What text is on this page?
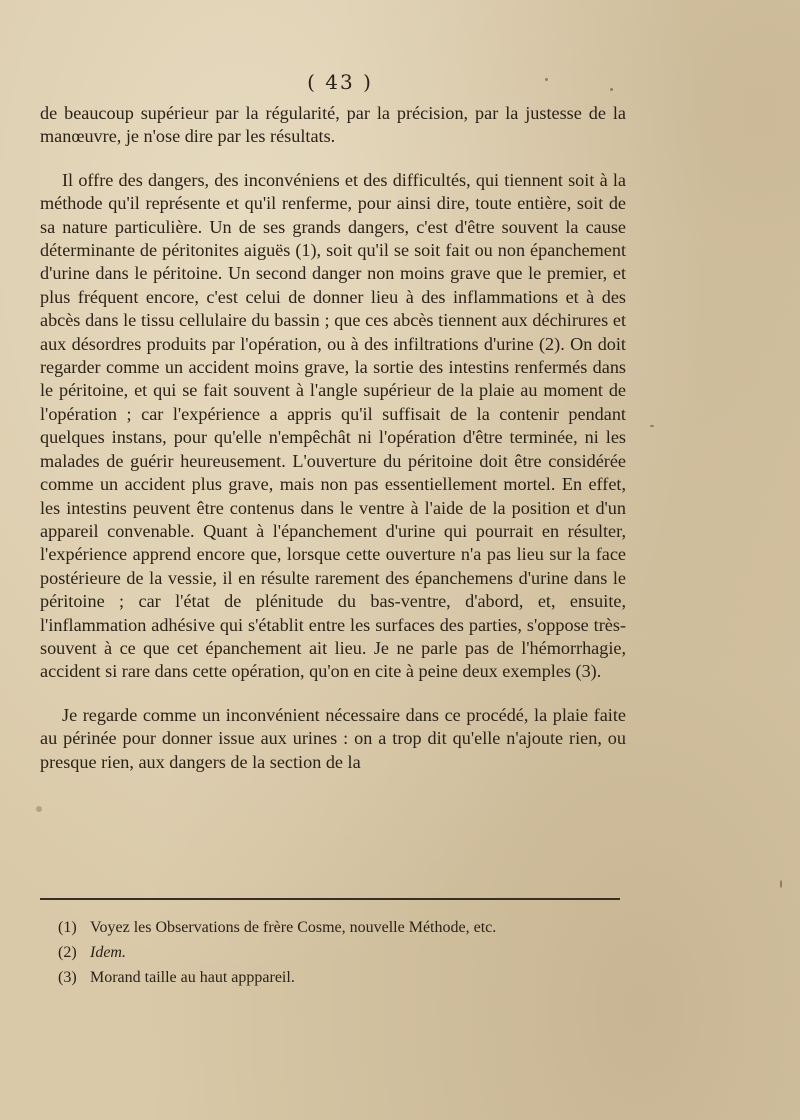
( 43 )

de beaucoup supérieur par la régularité, par la précision, par la justesse de la manœuvre, je n'ose dire par les résultats.

Il offre des dangers, des inconvéniens et des difficultés, qui tiennent soit à la méthode qu'il représente et qu'il renferme, pour ainsi dire, toute entière, soit de sa nature particulière. Un de ses grands dangers, c'est d'être souvent la cause déterminante de péritonites aiguës (1), soit qu'il se soit fait ou non épanchement d'urine dans le péritoine. Un second danger non moins grave que le premier, et plus fréquent encore, c'est celui de donner lieu à des inflammations et à des abcès dans le tissu cellulaire du bassin ; que ces abcès tiennent aux déchirures et aux désordres produits par l'opération, ou à des infiltrations d'urine (2). On doit regarder comme un accident moins grave, la sortie des intestins renfermés dans le péritoine, et qui se fait souvent à l'angle supérieur de la plaie au moment de l'opération ; car l'expérience a appris qu'il suffisait de la contenir pendant quelques instans, pour qu'elle n'empêchât ni l'opération d'être terminée, ni les malades de guérir heureusement. L'ouverture du péritoine doit être considérée comme un accident plus grave, mais non pas essentiellement mortel. En effet, les intestins peuvent être contenus dans le ventre à l'aide de la position et d'un appareil convenable. Quant à l'épanchement d'urine qui pourrait en résulter, l'expérience apprend encore que, lorsque cette ouverture n'a pas lieu sur la face postérieure de la vessie, il en résulte rarement des épanchemens d'urine dans le péritoine ; car l'état de plénitude du bas-ventre, d'abord, et, ensuite, l'inflammation adhésive qui s'établit entre les surfaces des parties, s'oppose très-souvent à ce que cet épanchement ait lieu. Je ne parle pas de l'hémorrhagie, accident si rare dans cette opération, qu'on en cite à peine deux exemples (3).

Je regarde comme un inconvénient nécessaire dans ce procédé, la plaie faite au périnée pour donner issue aux urines : on a trop dit qu'elle n'ajoute rien, ou presque rien, aux dangers de la section de la

(1) Voyez les Observations de frère Cosme, nouvelle Méthode, etc.
(2) Idem.
(3) Morand taille au haut apppareil.
